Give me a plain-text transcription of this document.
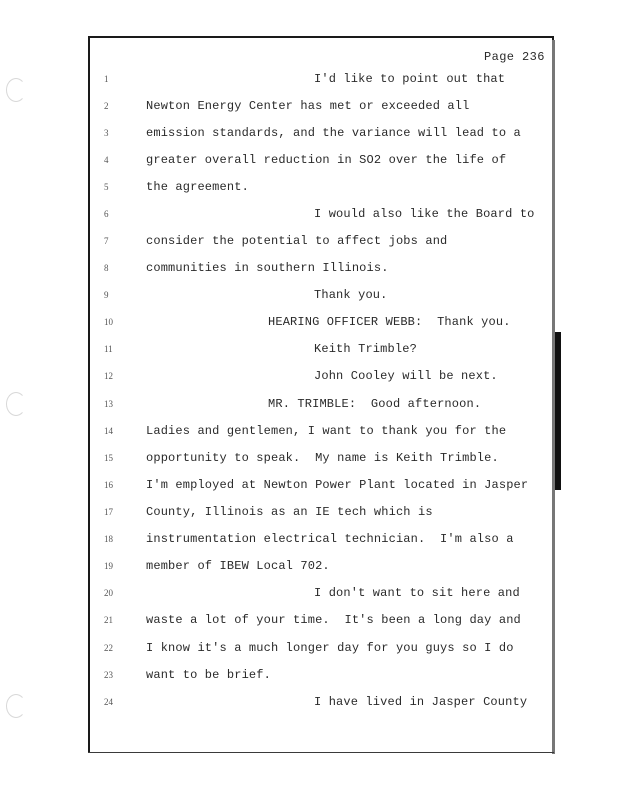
Page 236
1
2
3
4
5
6
7
8
9
10
11
12
13
14
15
16
17
18
19
20
21
22
23
24
I'd like to point out that
Newton Energy Center has met or exceeded all
emission standards, and the variance will lead to a
greater overall reduction in SO2 over the life of
the agreement.
I would also like the Board to
consider the potential to affect jobs and
communities in southern Illinois.
Thank you.
HEARING OFFICER WEBB:  Thank you.
Keith Trimble?
John Cooley will be next.
MR. TRIMBLE:  Good afternoon.
Ladies and gentlemen, I want to thank you for the
opportunity to speak.  My name is Keith Trimble.
I'm employed at Newton Power Plant located in Jasper
County, Illinois as an IE tech which is
instrumentation electrical technician.  I'm also a
member of IBEW Local 702.
I don't want to sit here and
waste a lot of your time.  It's been a long day and
I know it's a much longer day for you guys so I do
want to be brief.
I have lived in Jasper County
